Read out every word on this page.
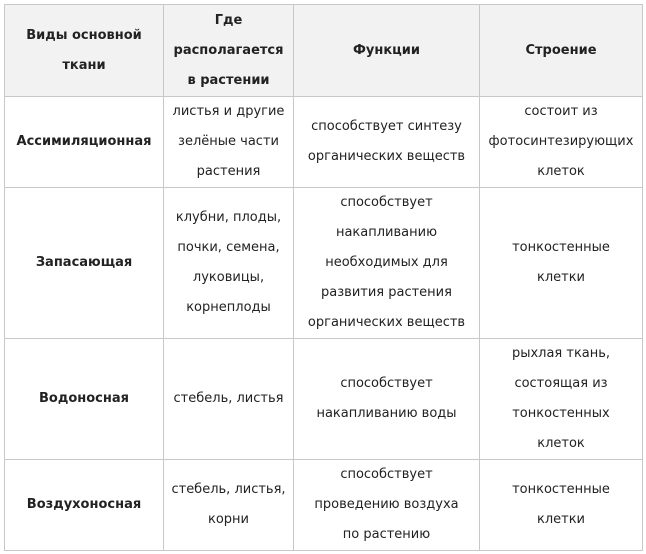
Виды основной
ткани	Где
располагается
в растении	Функции	Строение

Ассимиляционная	листья и другие
зелёные части
растения	способствует синтезу
органических веществ	состоит из
фотосинтезирующих
клеток

Запасающая	клубни, плоды,
почки, семена,
луковицы,
корнеплоды	способствует
накапливанию
необходимых для
развития растения
органических веществ	тонкостенные
клетки

Водоносная	стебель, листья	способствует
накапливанию воды	рыхлая ткань,
состоящая из
тонкостенных
клеток

Воздухоносная	стебель, листья,
корни	способствует
проведению воздуха
по растению	тонкостенные
клетки
